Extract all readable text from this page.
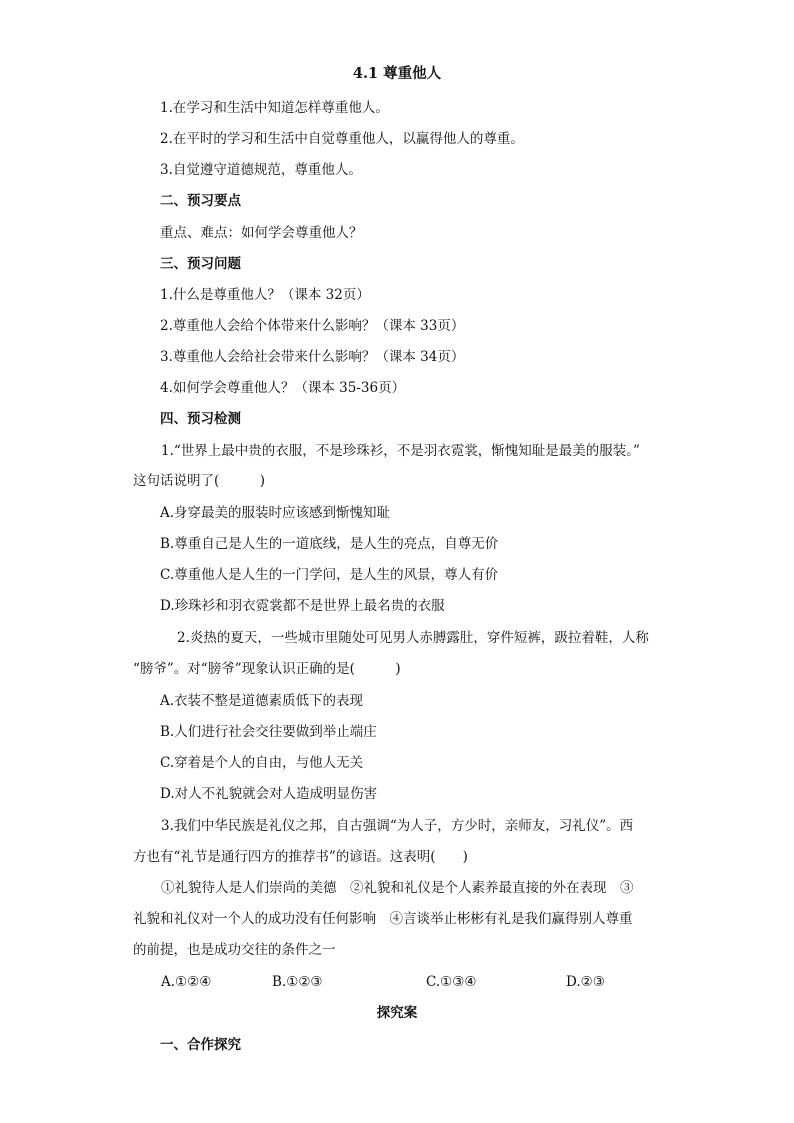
4.1 尊重他人
1.在学习和生活中知道怎样尊重他人。
2.在平时的学习和生活中自觉尊重他人，以赢得他人的尊重。
3.自觉遵守道德规范，尊重他人。
二、预习要点
重点、难点：如何学会尊重他人？
三、预习问题
1.什么是尊重他人？（课本 32页）
2.尊重他人会给个体带来什么影响？（课本 33页）
3.尊重他人会给社会带来什么影响？（课本 34页）
4.如何学会尊重他人？（课本 35-36页）
四、预习检测
1.“世界上最中贵的衣服，不是珍珠衫，不是羽衣霓裳，惭愧知耻是最美的服装。”
这句话说明了(　　　)
A.身穿最美的服装时应该感到惭愧知耻
B.尊重自己是人生的一道底线，是人生的亮点，自尊无价
C.尊重他人是人生的一门学问，是人生的风景，尊人有价
D.珍珠衫和羽衣霓裳都不是世界上最名贵的衣服
2.炎热的夏天，一些城市里随处可见男人赤膊露肚，穿件短裤，趿拉着鞋，人称
“膀爷”。对“膀爷”现象认识正确的是(　　　)
A.衣装不整是道德素质低下的表现
B.人们进行社会交往要做到举止端庄
C.穿着是个人的自由，与他人无关
D.对人不礼貌就会对人造成明显伤害
3.我们中华民族是礼仪之邦，自古强调“为人子，方少时，亲师友，习礼仪”。西
方也有“礼节是通行四方的推荐书”的谚语。这表明(　　)
①礼貌待人是人们崇尚的美德　②礼貌和礼仪是个人素养最直接的外在表现　③
礼貌和礼仪对一个人的成功没有任何影响　④言谈举止彬彬有礼是我们赢得别人尊重
的前提，也是成功交往的条件之一
A.①②④	B.①②③	C.①③④	D.②③
探究案
一、合作探究
